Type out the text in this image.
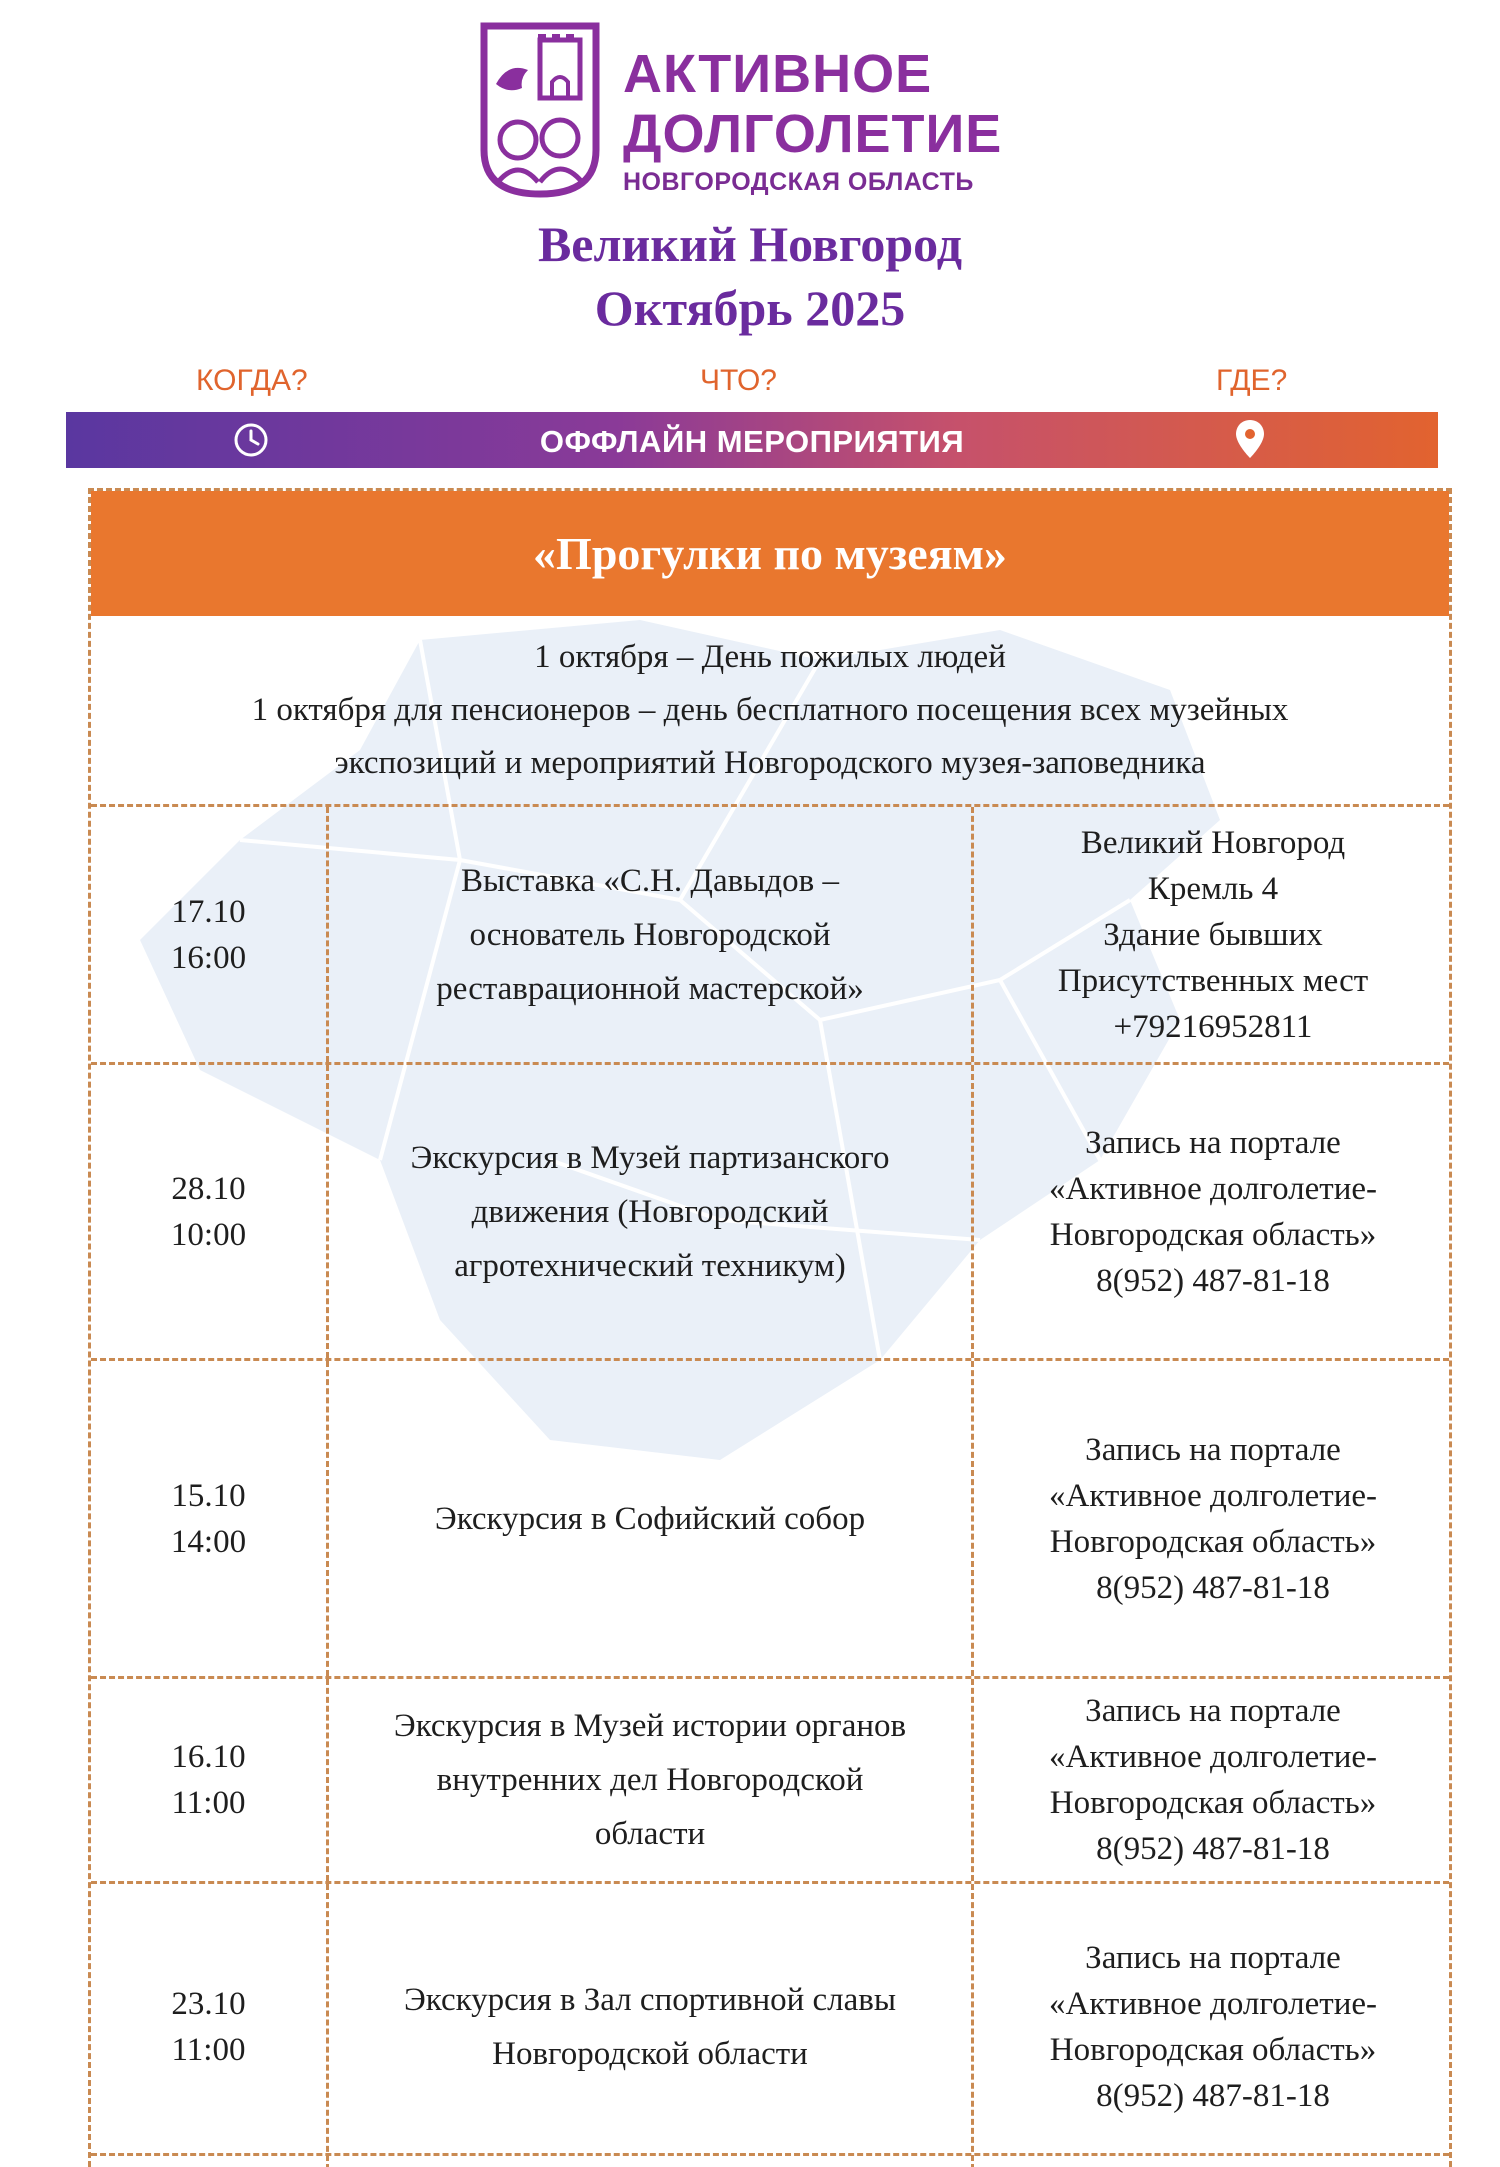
АКТИВНОЕ
ДОЛГОЛЕТИЕ
НОВГОРОДСКАЯ ОБЛАСТЬ
Великий Новгород
Октябрь 2025
КОГДА?	ЧТО?	ГДЕ?
ОФФЛАЙН МЕРОПРИЯТИЯ
«Прогулки по музеям»
1 октября – День пожилых людей
1 октября для пенсионеров – день бесплатного посещения всех музейных
экспозиций и мероприятий Новгородского музея-заповедника
17.10
16:00
Выставка «С.Н. Давыдов –
основатель Новгородской
реставрационной мастерской»
Великий Новгород
Кремль 4
Здание бывших
Присутственных мест
+79216952811
28.10
10:00
Экскурсия в Музей партизанского
движения (Новгородский
агротехнический техникум)
Запись на портале
«Активное долголетие-
Новгородская область»
8(952) 487-81-18
15.10
14:00
Экскурсия в Софийский собор
Запись на портале
«Активное долголетие-
Новгородская область»
8(952) 487-81-18
16.10
11:00
Экскурсия в Музей истории органов
внутренних дел Новгородской
области
Запись на портале
«Активное долголетие-
Новгородская область»
8(952) 487-81-18
23.10
11:00
Экскурсия в Зал спортивной славы
Новгородской области
Запись на портале
«Активное долголетие-
Новгородская область»
8(952) 487-81-18
